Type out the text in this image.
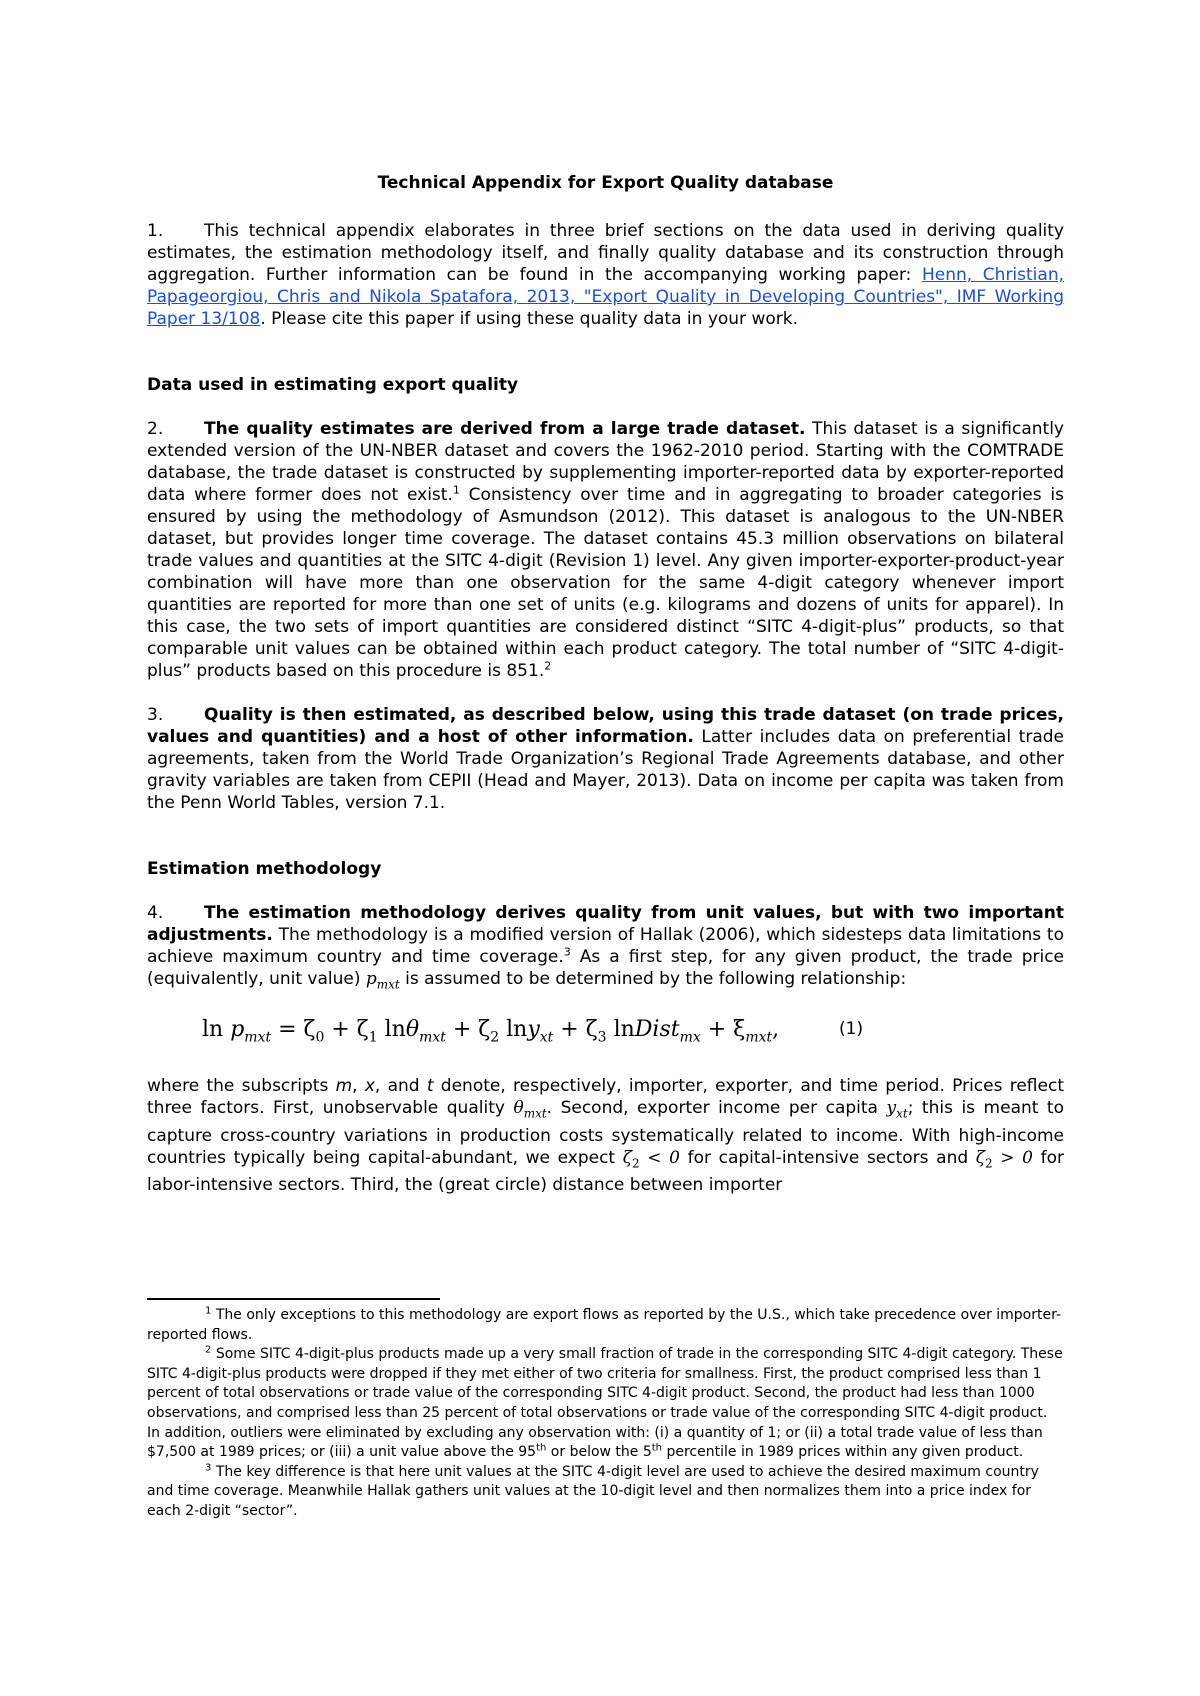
Technical Appendix for Export Quality database

1. This technical appendix elaborates in three brief sections on the data used in deriving quality estimates, the estimation methodology itself, and finally quality database and its construction through aggregation. Further information can be found in the accompanying working paper: Henn, Christian, Papageorgiou, Chris and Nikola Spatafora, 2013, "Export Quality in Developing Countries", IMF Working Paper 13/108. Please cite this paper if using these quality data in your work.

Data used in estimating export quality

2. The quality estimates are derived from a large trade dataset. This dataset is a significantly extended version of the UN-NBER dataset and covers the 1962-2010 period. Starting with the COMTRADE database, the trade dataset is constructed by supplementing importer-reported data by exporter-reported data where former does not exist.$^1$ Consistency over time and in aggregating to broader categories is ensured by using the methodology of Asmundson (2012). This dataset is analogous to the UN-NBER dataset, but provides longer time coverage. The dataset contains 45.3 million observations on bilateral trade values and quantities at the SITC 4-digit (Revision 1) level. Any given importer-exporter-product-year combination will have more than one observation for the same 4-digit category whenever import quantities are reported for more than one set of units (e.g. kilograms and dozens of units for apparel). In this case, the two sets of import quantities are considered distinct “SITC 4-digit-plus” products, so that comparable unit values can be obtained within each product category. The total number of “SITC 4-digit-plus” products based on this procedure is 851.$^2$

3. Quality is then estimated, as described below, using this trade dataset (on trade prices, values and quantities) and a host of other information. Latter includes data on preferential trade agreements, taken from the World Trade Organization’s Regional Trade Agreements database, and other gravity variables are taken from CEPII (Head and Mayer, 2013). Data on income per capita was taken from the Penn World Tables, version 7.1.

Estimation methodology

4. The estimation methodology derives quality from unit values, but with two important adjustments. The methodology is a modified version of Hallak (2006), which sidesteps data limitations to achieve maximum country and time coverage.$^3$ As a first step, for any given product, the trade price (equivalently, unit value) $p_{mxt}$ is assumed to be determined by the following relationship:

$\ln p_{mxt} = \zeta_0 + \zeta_1$ $\ln\theta_{mxt} + \zeta_2$ $\ln y_{xt} + \zeta_3$ lnDist$_{mx}$ + $\xi_{mxt}$,	(1)

where the subscripts m, x, and t denote, respectively, importer, exporter, and time period. Prices reflect three factors. First, unobservable quality $\theta_{mxt}$. Second, exporter income per capita $y_{xt}$; this is meant to capture cross-country variations in production costs systematically related to income. With high-income countries typically being capital-abundant, we expect $\zeta_2 < 0$ for capital-intensive sectors and $\zeta_2 > 0$ for labor-intensive sectors. Third, the (great circle) distance between importer

$^1$ The only exceptions to this methodology are export flows as reported by the U.S., which take precedence over importer-reported flows.

$^2$ Some SITC 4-digit-plus products made up a very small fraction of trade in the corresponding SITC 4-digit category. These SITC 4-digit-plus products were dropped if they met either of two criteria for smallness. First, the product comprised less than 1 percent of total observations or trade value of the corresponding SITC 4-digit product. Second, the product had less than 1000 observations, and comprised less than 25 percent of total observations or trade value of the corresponding SITC 4-digit product. In addition, outliers were eliminated by excluding any observation with: (i) a quantity of 1; or (ii) a total trade value of less than $7,500 at 1989 prices; or (iii) a unit value above the 95th or below the 5th percentile in 1989 prices within any given product.

$^3$ The key difference is that here unit values at the SITC 4-digit level are used to achieve the desired maximum country and time coverage. Meanwhile Hallak gathers unit values at the 10-digit level and then normalizes them into a price index for each 2-digit “sector”.
